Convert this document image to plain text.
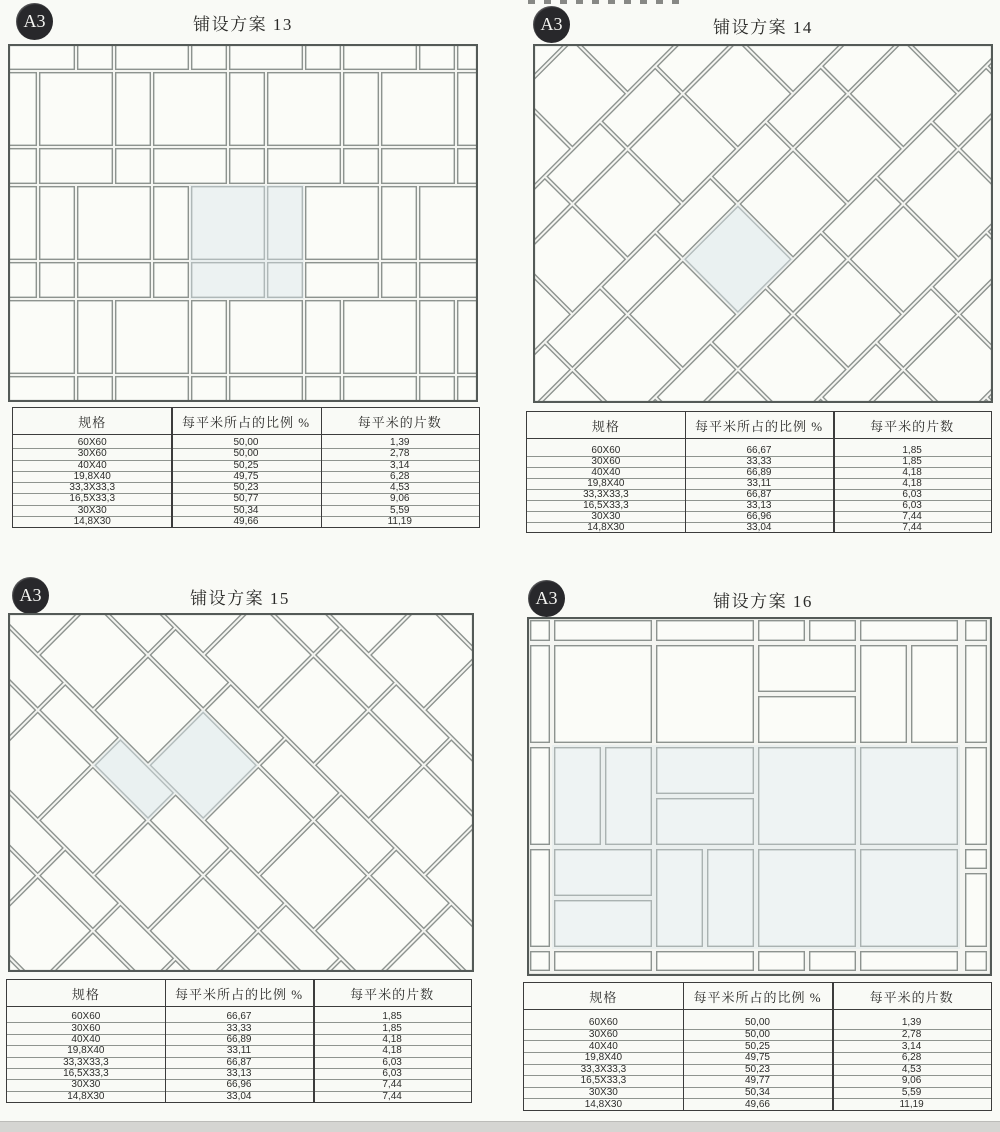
A3	铺设方案 13
规格	每平米所占的比例 %	每平米的片数
60X60	50,00	1,39
30X60	50,00	2,78
40X40	50,25	3,14
19,8X40	49,75	6,28
33,3X33,3	50,23	4,53
16,5X33,3	50,77	9,06
30X30	50,34	5,59
14,8X30	49,66	11,19
A3	铺设方案 14
规格	每平米所占的比例 %	每平米的片数
60X60	66,67	1,85
30X60	33,33	1,85
40X40	66,89	4,18
19,8X40	33,11	4,18
33,3X33,3	66,87	6,03
16,5X33,3	33,13	6,03
30X30	66,96	7,44
14,8X30	33,04	7,44
A3	铺设方案 15
规格	每平米所占的比例 %	每平米的片数
60X60	66,67	1,85
30X60	33,33	1,85
40X40	66,89	4,18
19,8X40	33,11	4,18
33,3X33,3	66,87	6,03
16,5X33,3	33,13	6,03
30X30	66,96	7,44
14,8X30	33,04	7,44
A3	铺设方案 16
规格	每平米所占的比例 %	每平米的片数
60X60	50,00	1,39
30X60	50,00	2,78
40X40	50,25	3,14
19,8X40	49,75	6,28
33,3X33,3	50,23	4,53
16,5X33,3	49,77	9,06
30X30	50,34	5,59
14,8X30	49,66	11,19
